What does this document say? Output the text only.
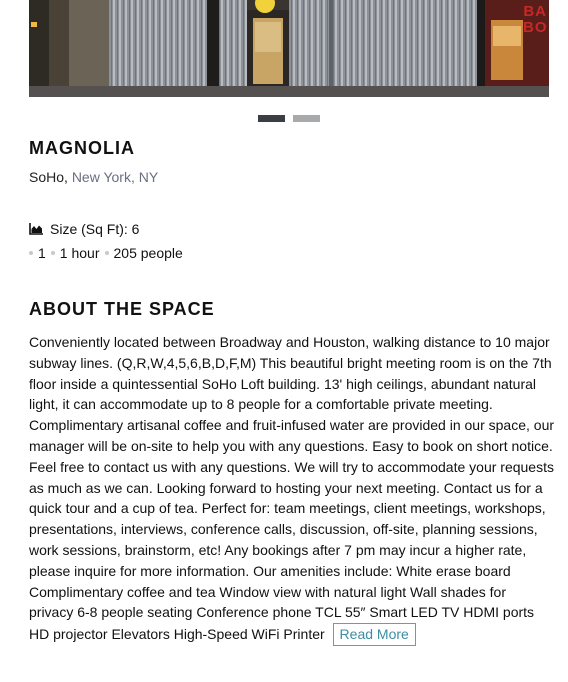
BA BO
MAGNOLIA
SoHo, New York, NY
Size (Sq Ft): 6
1 1 hour 205 people
ABOUT THE SPACE
Conveniently located between Broadway and Houston, walking distance to 10 major subway lines. (Q,R,W,4,5,6,B,D,F,M) This beautiful bright meeting room is on the 7th floor inside a quintessential SoHo Loft building. 13' high ceilings, abundant natural light, it can accommodate up to 8 people for a comfortable private meeting. Complimentary artisanal coffee and fruit-infused water are provided in our space, our manager will be on-site to help you with any questions. Easy to book on short notice. Feel free to contact us with any questions. We will try to accommodate your requests as much as we can. Looking forward to hosting your next meeting. Contact us for a quick tour and a cup of tea. Perfect for: team meetings, client meetings, workshops, presentations, interviews, conference calls, discussion, off-site, planning sessions, work sessions, brainstorm, etc! Any bookings after 7 pm may incur a higher rate, please inquire for more information. Our amenities include: White erase board Complimentary coffee and tea Window view with natural light Wall shades for privacy 6-8 people seating Conference phone TCL 55″ Smart LED TV HDMI ports HD projector Elevators High-Speed WiFi Printer Read More
